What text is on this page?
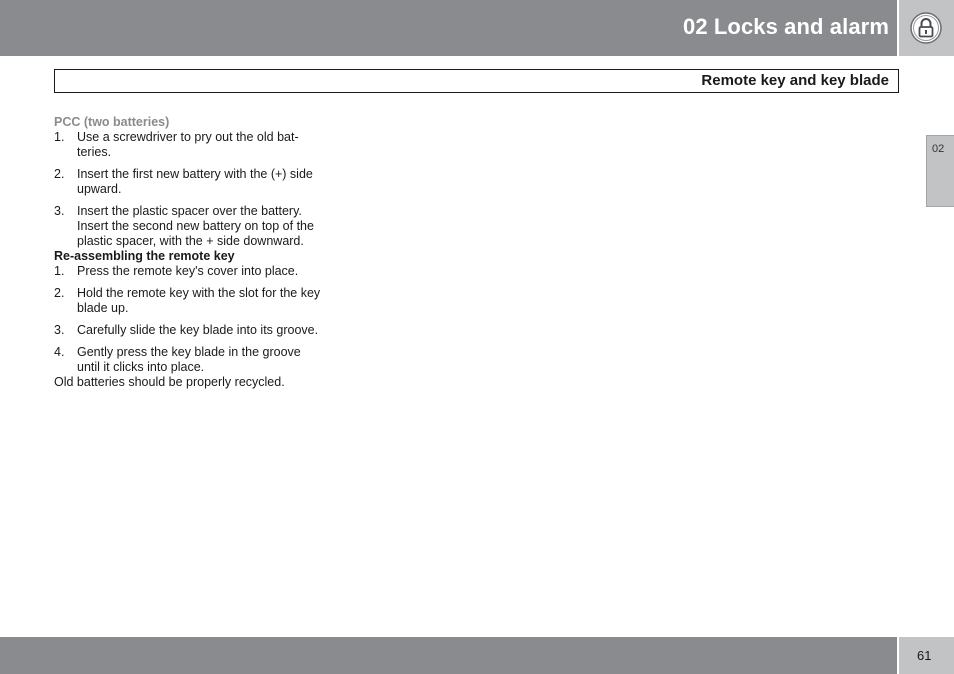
02 Locks and alarm
Remote key and key blade
02
PCC (two batteries)
1. Use a screwdriver to pry out the old bat-teries.
2. Insert the first new battery with the (+) side upward.
3. Insert the plastic spacer over the battery. Insert the second new battery on top of the plastic spacer, with the + side downward.
Re-assembling the remote key
1. Press the remote key's cover into place.
2. Hold the remote key with the slot for the key blade up.
3. Carefully slide the key blade into its groove.
4. Gently press the key blade in the groove until it clicks into place.

Old batteries should be properly recycled.

61
